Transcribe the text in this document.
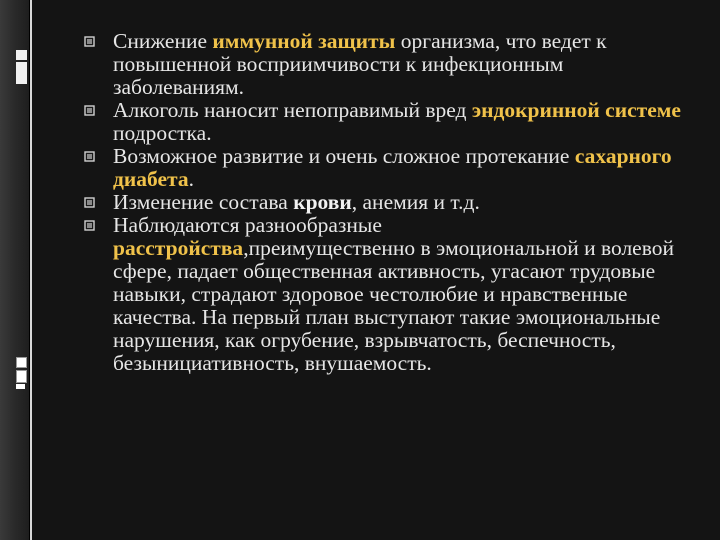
Снижение иммунной защиты организма, что ведет к повышенной восприимчивости к инфекционным заболеваниям.
Алкоголь наносит непоправимый вред эндокринной системе подростка.
Возможное развитие и очень сложное протекание сахарного диабета.
Изменение состава крови, анемия и т.д.
Наблюдаются разнообразные расстройства,преимущественно в эмоциональной и волевой сфере, падает общественная активность, угасают трудовые навыки, страдают здоровое честолюбие и нравственные качества. На первый план выступают такие эмоциональные нарушения, как огрубение, взрывчатость, беспечность, безынициативность, внушаемость.
